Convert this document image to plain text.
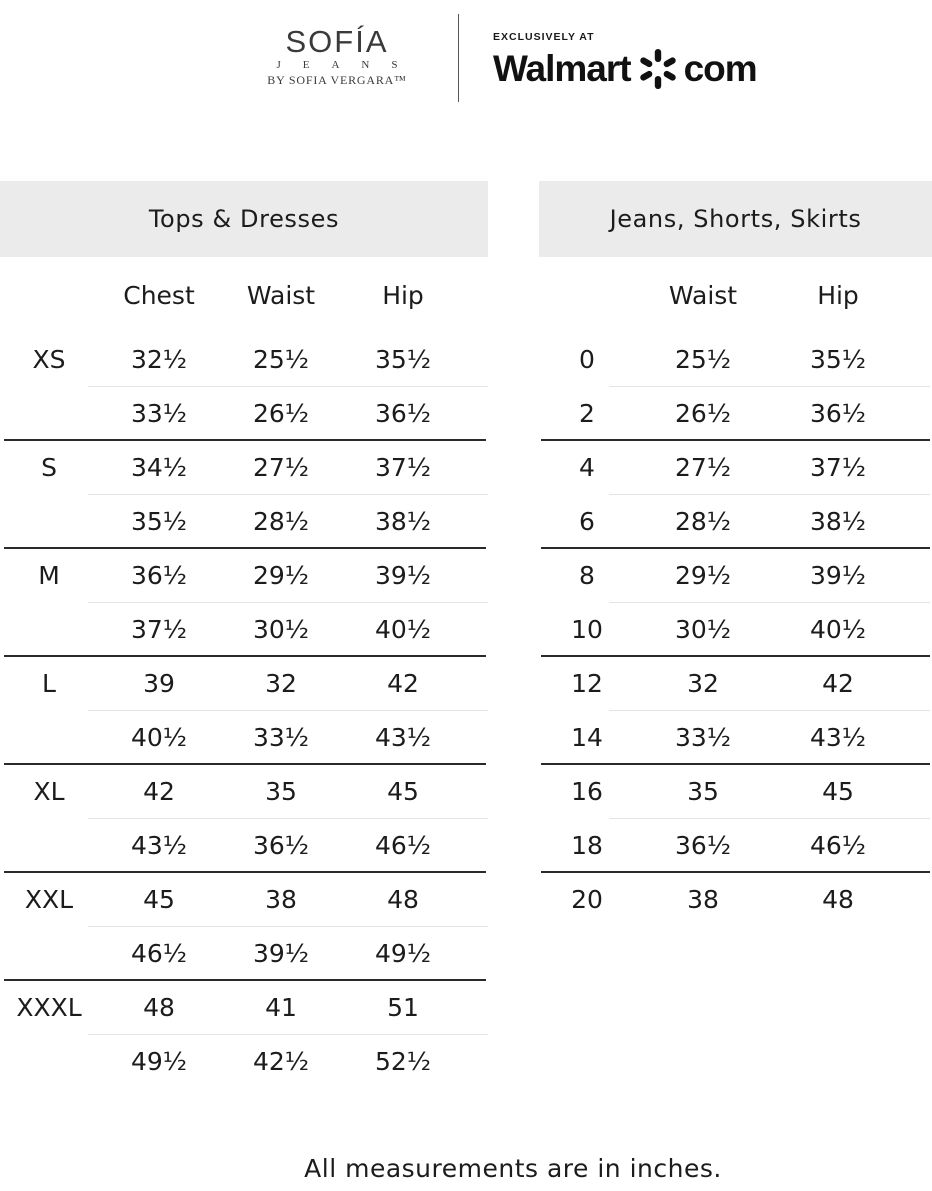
SOFÍA
JEANS
BY SOFIA VERGARA™
EXCLUSIVELY AT
Walmart com
Tops & Dresses
Chest	Waist	Hip
XS	32½	25½	35½
33½	26½	36½
S	34½	27½	37½
35½	28½	38½
M	36½	29½	39½
37½	30½	40½
L	39	32	42
40½	33½	43½
XL	42	35	45
43½	36½	46½
XXL	45	38	48
46½	39½	49½
XXXL	48	41	51
49½	42½	52½
Jeans, Shorts, Skirts
Waist	Hip
0	25½	35½
2	26½	36½
4	27½	37½
6	28½	38½
8	29½	39½
10	30½	40½
12	32	42
14	33½	43½
16	35	45
18	36½	46½
20	38	48
All measurements are in inches.
